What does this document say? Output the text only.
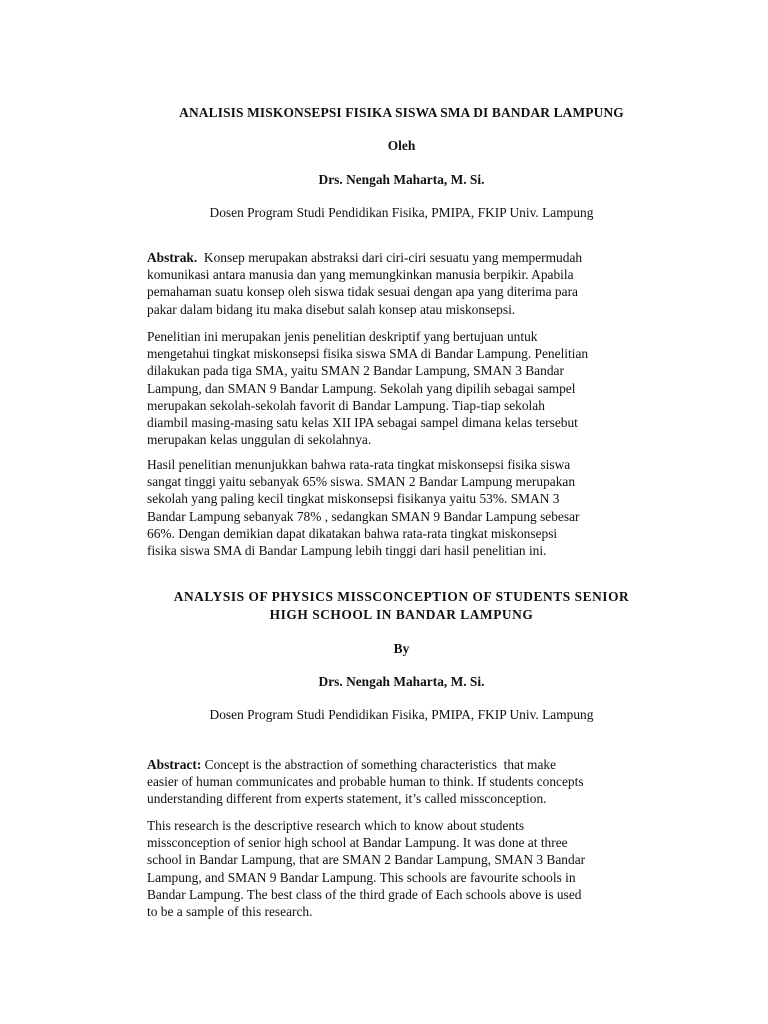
ANALISIS MISKONSEPSI FISIKA SISWA SMA DI BANDAR LAMPUNG

Oleh

Drs. Nengah Maharta, M. Si.

Dosen Program Studi Pendidikan Fisika, PMIPA, FKIP Univ. Lampung

Abstrak.  Konsep merupakan abstraksi dari ciri-ciri sesuatu yang mempermudah
komunikasi antara manusia dan yang memungkinkan manusia berpikir. Apabila
pemahaman suatu konsep oleh siswa tidak sesuai dengan apa yang diterima para
pakar dalam bidang itu maka disebut salah konsep atau miskonsepsi.
Penelitian ini merupakan jenis penelitian deskriptif yang bertujuan untuk
mengetahui tingkat miskonsepsi fisika siswa SMA di Bandar Lampung. Penelitian
dilakukan pada tiga SMA, yaitu SMAN 2 Bandar Lampung, SMAN 3 Bandar
Lampung, dan SMAN 9 Bandar Lampung. Sekolah yang dipilih sebagai sampel
merupakan sekolah-sekolah favorit di Bandar Lampung. Tiap-tiap sekolah
diambil masing-masing satu kelas XII IPA sebagai sampel dimana kelas tersebut
merupakan kelas unggulan di sekolahnya.
Hasil penelitian menunjukkan bahwa rata-rata tingkat miskonsepsi fisika siswa
sangat tinggi yaitu sebanyak 65% siswa. SMAN 2 Bandar Lampung merupakan
sekolah yang paling kecil tingkat miskonsepsi fisikanya yaitu 53%. SMAN 3
Bandar Lampung sebanyak 78% , sedangkan SMAN 9 Bandar Lampung sebesar
66%. Dengan demikian dapat dikatakan bahwa rata-rata tingkat miskonsepsi
fisika siswa SMA di Bandar Lampung lebih tinggi dari hasil penelitian ini.
ANALYSIS OF PHYSICS MISSCONCEPTION OF STUDENTS SENIOR
HIGH SCHOOL IN BANDAR LAMPUNG

By

Drs. Nengah Maharta, M. Si.

Dosen Program Studi Pendidikan Fisika, PMIPA, FKIP Univ. Lampung

Abstract: Concept is the abstraction of something characteristics  that make
easier of human communicates and probable human to think. If students concepts
understanding different from experts statement, it’s called missconception.
This research is the descriptive research which to know about students
missconception of senior high school at Bandar Lampung. It was done at three
school in Bandar Lampung, that are SMAN 2 Bandar Lampung, SMAN 3 Bandar
Lampung, and SMAN 9 Bandar Lampung. This schools are favourite schools in
Bandar Lampung. The best class of the third grade of Each schools above is used
to be a sample of this research.
